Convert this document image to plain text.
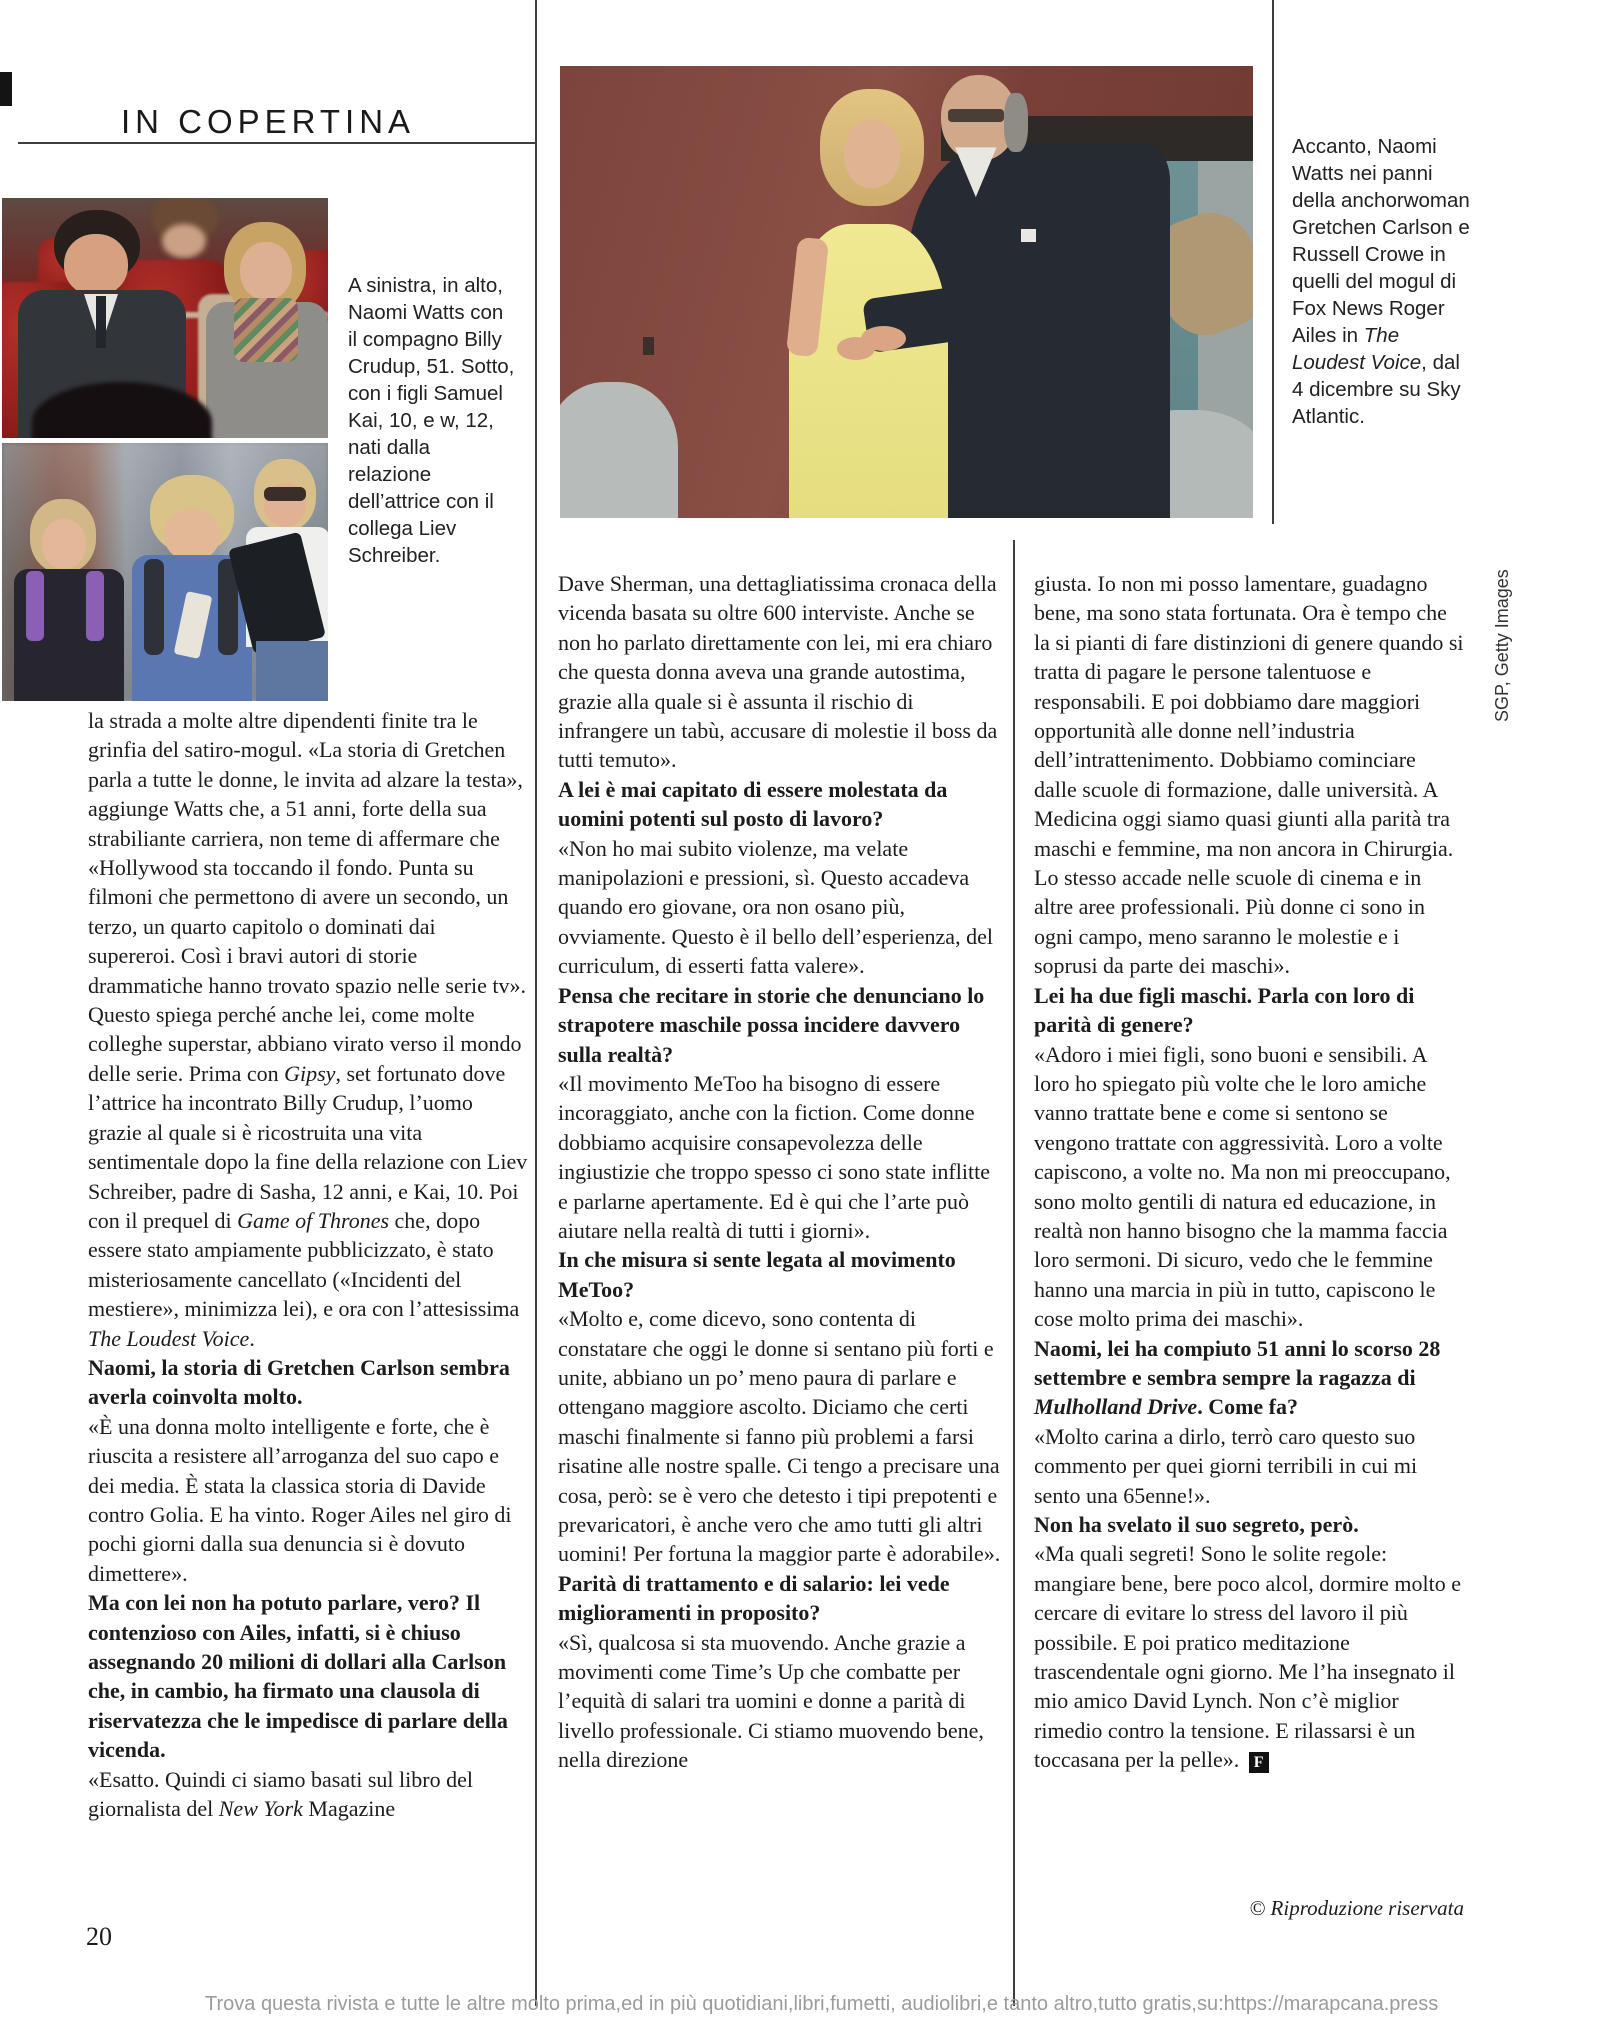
IN COPERTINA
A sinistra, in alto, Naomi Watts con il compagno Billy Crudup, 51. Sotto, con i figli Samuel Kai, 10, e w, 12, nati dalla relazione dell’attrice con il collega Liev Schreiber.
Accanto, Naomi Watts nei panni della anchorwoman Gretchen Carlson e Russell Crowe in quelli del mogul di Fox News Roger Ailes in The Loudest Voice, dal 4 dicembre su Sky Atlantic.
SGP, Getty Images

la strada a molte altre dipendenti finite tra le grinfia del satiro-mogul. «La storia di Gretchen parla a tutte le donne, le invita ad alzare la testa», aggiunge Watts che, a 51 anni, forte della sua strabiliante carriera, non teme di affermare che «Hollywood sta toccando il fondo. Punta su filmoni che permettono di avere un secondo, un terzo, un quarto capitolo o dominati dai supereroi. Così i bravi autori di storie drammatiche hanno trovato spazio nelle serie tv». Questo spiega perché anche lei, come molte colleghe superstar, abbiano virato verso il mondo delle serie. Prima con Gipsy, set fortunato dove l’attrice ha incontrato Billy Crudup, l’uomo grazie al quale si è ricostruita una vita sentimentale dopo la fine della relazione con Liev Schreiber, padre di Sasha, 12 anni, e Kai, 10. Poi con il prequel di Game of Thrones che, dopo essere stato ampiamente pubblicizzato, è stato misteriosamente cancellato («Incidenti del mestiere», minimizza lei), e ora con l’attesissima The Loudest Voice.

Naomi, la storia di Gretchen Carlson sembra averla coinvolta molto.

«È una donna molto intelligente e forte, che è riuscita a resistere all’arroganza del suo capo e dei media. È stata la classica storia di Davide contro Golia. E ha vinto. Roger Ailes nel giro di pochi giorni dalla sua denuncia si è dovuto dimettere».

Ma con lei non ha potuto parlare, vero? Il contenzioso con Ailes, infatti, si è chiuso assegnando 20 milioni di dollari alla Carlson che, in cambio, ha firmato una clausola di riservatezza che le impedisce di parlare della vicenda.

«Esatto. Quindi ci siamo basati sul libro del giornalista del New York Magazine

Dave Sherman, una dettagliatissima cronaca della vicenda basata su oltre 600 interviste. Anche se non ho parlato direttamente con lei, mi era chiaro che questa donna aveva una grande autostima, grazie alla quale si è assunta il rischio di infrangere un tabù, accusare di molestie il boss da tutti temuto».

A lei è mai capitato di essere molestata da uomini potenti sul posto di lavoro?

«Non ho mai subito violenze, ma velate manipolazioni e pressioni, sì. Questo accadeva quando ero giovane, ora non osano più, ovviamente. Questo è il bello dell’esperienza, del curriculum, di esserti fatta valere».

Pensa che recitare in storie che denunciano lo strapotere maschile possa incidere davvero sulla realtà?

«Il movimento MeToo ha bisogno di essere incoraggiato, anche con la fiction. Come donne dobbiamo acquisire consapevolezza delle ingiustizie che troppo spesso ci sono state inflitte e parlarne apertamente. Ed è qui che l’arte può aiutare nella realtà di tutti i giorni».

In che misura si sente legata al movimento MeToo?

«Molto e, come dicevo, sono contenta di constatare che oggi le donne si sentano più forti e unite, abbiano un po’ meno paura di parlare e ottengano maggiore ascolto. Diciamo che certi maschi finalmente si fanno più problemi a farsi risatine alle nostre spalle. Ci tengo a precisare una cosa, però: se è vero che detesto i tipi prepotenti e prevaricatori, è anche vero che amo tutti gli altri uomini! Per fortuna la maggior parte è adorabile».

Parità di trattamento e di salario: lei vede miglioramenti in proposito?

«Sì, qualcosa si sta muovendo. Anche grazie a movimenti come Time’s Up che combatte per l’equità di salari tra uomini e donne a parità di livello professionale. Ci stiamo muovendo bene, nella direzione

giusta. Io non mi posso lamentare, guadagno bene, ma sono stata fortunata. Ora è tempo che la si pianti di fare distinzioni di genere quando si tratta di pagare le persone talentuose e responsabili. E poi dobbiamo dare maggiori opportunità alle donne nell’industria dell’intrattenimento. Dobbiamo cominciare dalle scuole di formazione, dalle università. A Medicina oggi siamo quasi giunti alla parità tra maschi e femmine, ma non ancora in Chirurgia. Lo stesso accade nelle scuole di cinema e in altre aree professionali. Più donne ci sono in ogni campo, meno saranno le molestie e i soprusi da parte dei maschi».

Lei ha due figli maschi. Parla con loro di parità di genere?

«Adoro i miei figli, sono buoni e sensibili. A loro ho spiegato più volte che le loro amiche vanno trattate bene e come si sentono se vengono trattate con aggressività. Loro a volte capiscono, a volte no. Ma non mi preoccupano, sono molto gentili di natura ed educazione, in realtà non hanno bisogno che la mamma faccia loro sermoni. Di sicuro, vedo che le femmine hanno una marcia in più in tutto, capiscono le cose molto prima dei maschi».

Naomi, lei ha compiuto 51 anni lo scorso 28 settembre e sembra sempre la ragazza di Mulholland Drive. Come fa?

«Molto carina a dirlo, terrò caro questo suo commento per quei giorni terribili in cui mi sento una 65enne!».

Non ha svelato il suo segreto, però.

«Ma quali segreti! Sono le solite regole: mangiare bene, bere poco alcol, dormire molto e cercare di evitare lo stress del lavoro il più possibile. E poi pratico meditazione trascendentale ogni giorno. Me l’ha insegnato il mio amico David Lynch. Non c’è miglior rimedio contro la tensione. E rilassarsi è un toccasana per la pelle». F

© Riproduzione riservata
20
Trova questa rivista e tutte le altre molto prima,ed in più quotidiani,libri,fumetti, audiolibri,e tanto altro,tutto gratis,su:https://marapcana.press
